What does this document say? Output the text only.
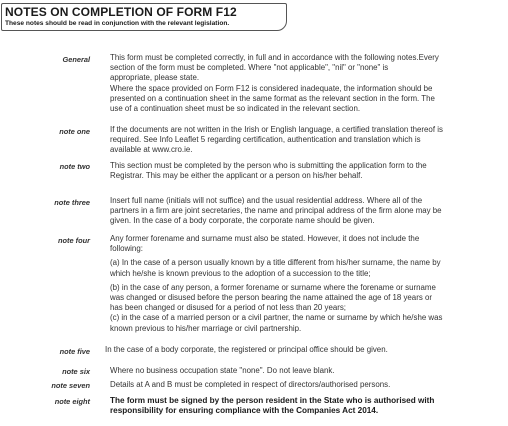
NOTES ON COMPLETION OF FORM F12
These notes should be read in conjunction with the relevant legislation.
General	This form must be completed correctly, in full and in accordance with the following notes.Every
section of the form must be completed. Where "not applicable", "nil" or "none" is
appropriate, please state.
Where the space provided on Form F12 is considered inadequate, the information should be
presented on a continuation sheet in the same format as the relevant section in the form. The
use of a continuation sheet must be so indicated in the relevant section.
note one	If the documents are not written in the Irish or English language, a certified translation thereof is
required. See Info Leaflet 5 regarding certification, authentication and translation which is
available at www.cro.ie.
note two	This section must be completed by the person who is submitting the application form to the
Registrar. This may be either the applicant or a person on his/her behalf.
note three	Insert full name (initials will not suffice) and the usual residential address. Where all of the
partners in a firm are joint secretaries, the name and principal address of the firm alone may be
given. In the case of a body corporate, the corporate name should be given.
note four	Any former forename and surname must also be stated. However, it does not include the
following:
(a) In the case of a person usually known by a title different from his/her surname, the name by
which he/she is known previous to the adoption of a succession to the title;
(b) in the case of any person, a former forename or surname where the forename or surname
was changed or disused before the person bearing the name attained the age of 18 years or
has been changed or disused for a period of not less than 20 years;
(c) in the case of a married person or a civil partner, the name or surname by which he/she was
known previous to his/her marriage or civil partnership.
note five In the case of a body corporate, the registered or principal office should be given.
note six	Where no business occupation state "none". Do not leave blank.
note seven	Details at A and B must be completed in respect of directors/authorised persons.
note eight The form must be signed by the person resident in the State who is authorised with
responsibility for ensuring compliance with the Companies Act 2014.
